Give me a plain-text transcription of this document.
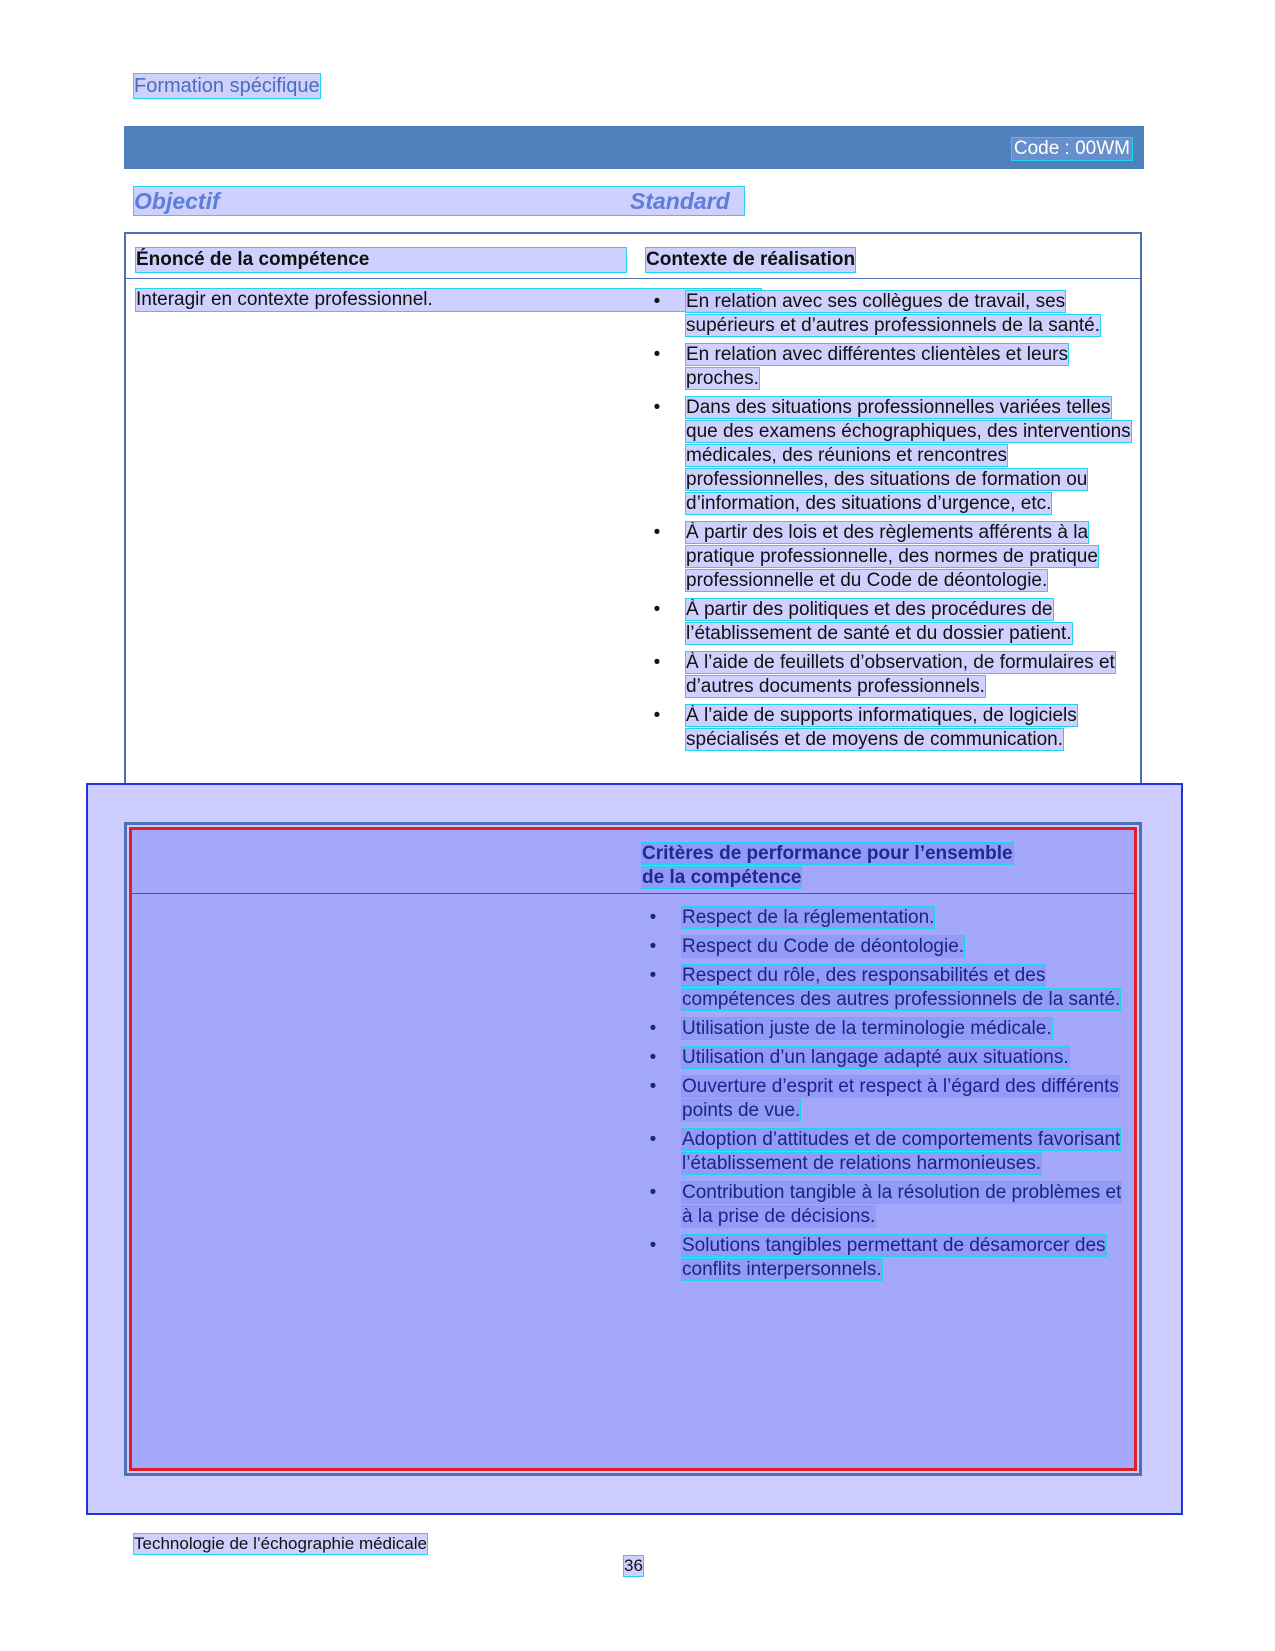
Formation spécifique
Code : 00WM
Objectif	Standard
Énoncé de la compétence	Contexte de réalisation
Interagir en contexte professionnel.	• En relation avec ses collègues de travail, ses supérieurs et d’autres professionnels de la santé.
• En relation avec différentes clientèles et leurs proches.
• Dans des situations professionnelles variées telles que des examens échographiques, des interventions médicales, des réunions et rencontres professionnelles, des situations de formation ou d’information, des situations d’urgence, etc.
• À partir des lois et des règlements afférents à la pratique professionnelle, des normes de pratique professionnelle et du Code de déontologie.
• À partir des politiques et des procédures de l’établissement de santé et du dossier patient.
• À l’aide de feuillets d’observation, de formulaires et d’autres documents professionnels.
• À l’aide de supports informatiques, de logiciels spécialisés et de moyens de communication.
Critères de performance pour l’ensemble
de la compétence
• Respect de la réglementation.
• Respect du Code de déontologie.
• Respect du rôle, des responsabilités et des compétences des autres professionnels de la santé.
• Utilisation juste de la terminologie médicale.
• Utilisation d’un langage adapté aux situations.
• Ouverture d’esprit et respect à l’égard des différents points de vue.
• Adoption d’attitudes et de comportements favorisant l’établissement de relations harmonieuses.
• Contribution tangible à la résolution de problèmes et à la prise de décisions.
• Solutions tangibles permettant de désamorcer des conflits interpersonnels.
Technologie de l’échographie médicale
36
